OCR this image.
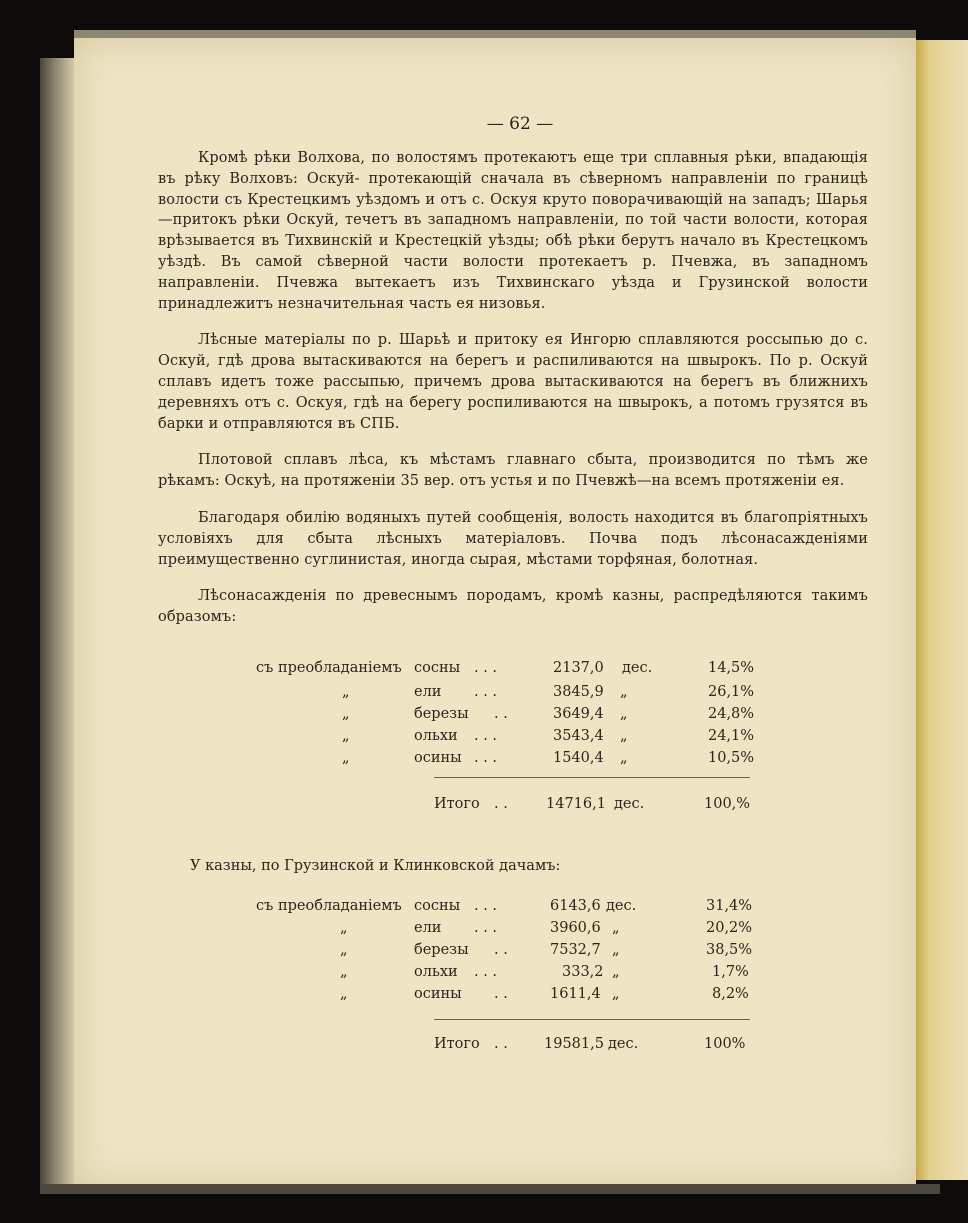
— 62 —

Кромѣ рѣки Волхова, по волостямъ протекаютъ еще три сплавныя рѣки, впадающія въ рѣку Волховъ: Оскуй- протекающій сначала въ сѣверномъ направленіи по границѣ волости съ Крестецкимъ уѣздомъ и отъ с. Оскуя круто поворачивающій на западъ; Шарья—притокъ рѣки Оскуй, течетъ въ западномъ направленіи, по той части волости, которая врѣзывается въ Тихвинскій и Крестецкій уѣзды; обѣ рѣки берутъ начало въ Крестецкомъ уѣздѣ. Въ самой сѣверной части волости протекаетъ р. Пчевжа, въ западномъ направленіи. Пчевжа вытекаетъ изъ Тихвинскаго уѣзда и Грузинской волости принадлежитъ незначительная часть ея низовья.

Лѣсные матеріалы по р. Шарьѣ и притоку ея Ингорю сплавляются россыпью до с. Оскуй, гдѣ дрова вытаскиваются на берегъ и распиливаются на швырокъ. По р. Оскуй сплавъ идетъ тоже рассыпью, причемъ дрова вытаскиваются на берегъ въ ближнихъ деревняхъ отъ с. Оскуя, гдѣ на берегу роспиливаются на швырокъ, а потомъ грузятся въ барки и отправляются въ СПБ.

Плотовой сплавъ лѣса, къ мѣстамъ главнаго сбыта, производится по тѣмъ же рѣкамъ: Оскуѣ, на протяженіи 35 вер. отъ устья и по Пчевжѣ—на всемъ протяженіи ея.

Благодаря обилію водяныхъ путей сообщенія, волость находится въ благопріятныхъ условіяхъ для сбыта лѣсныхъ матеріаловъ. Почва подъ лѣсонасажденіями преимущественно суглинистая, иногда сырая, мѣстами торфяная, болотная.

Лѣсонасажденія по древеснымъ породамъ, кромѣ казны, распредѣляются такимъ образомъ:

съ преобладаніемъ сосны . . .	2137,0 дес.	14,5%
„	ели . . .	3845,9 „	26,1%
„	березы . .	3649,4 „	24,8%
„	ольхи . . .	3543,4 „	24,1%
„	осины . . .	1540,4 „	10,5%
Итого . .	14716,1 дес.	100,%
У казны, по Грузинской и Клинковской дачамъ:
съ преобладаніемъ сосны . . .	6143,6 дес.	31,4%
„	ели . . .	3960,6 „	20,2%
„	березы . .	7532,7 „	38,5%
„	ольхи . . .	333,2 „	1,7%
„	осины . .	1611,4 „	8,2%
Итого . . 19581,5 дес.	100%
